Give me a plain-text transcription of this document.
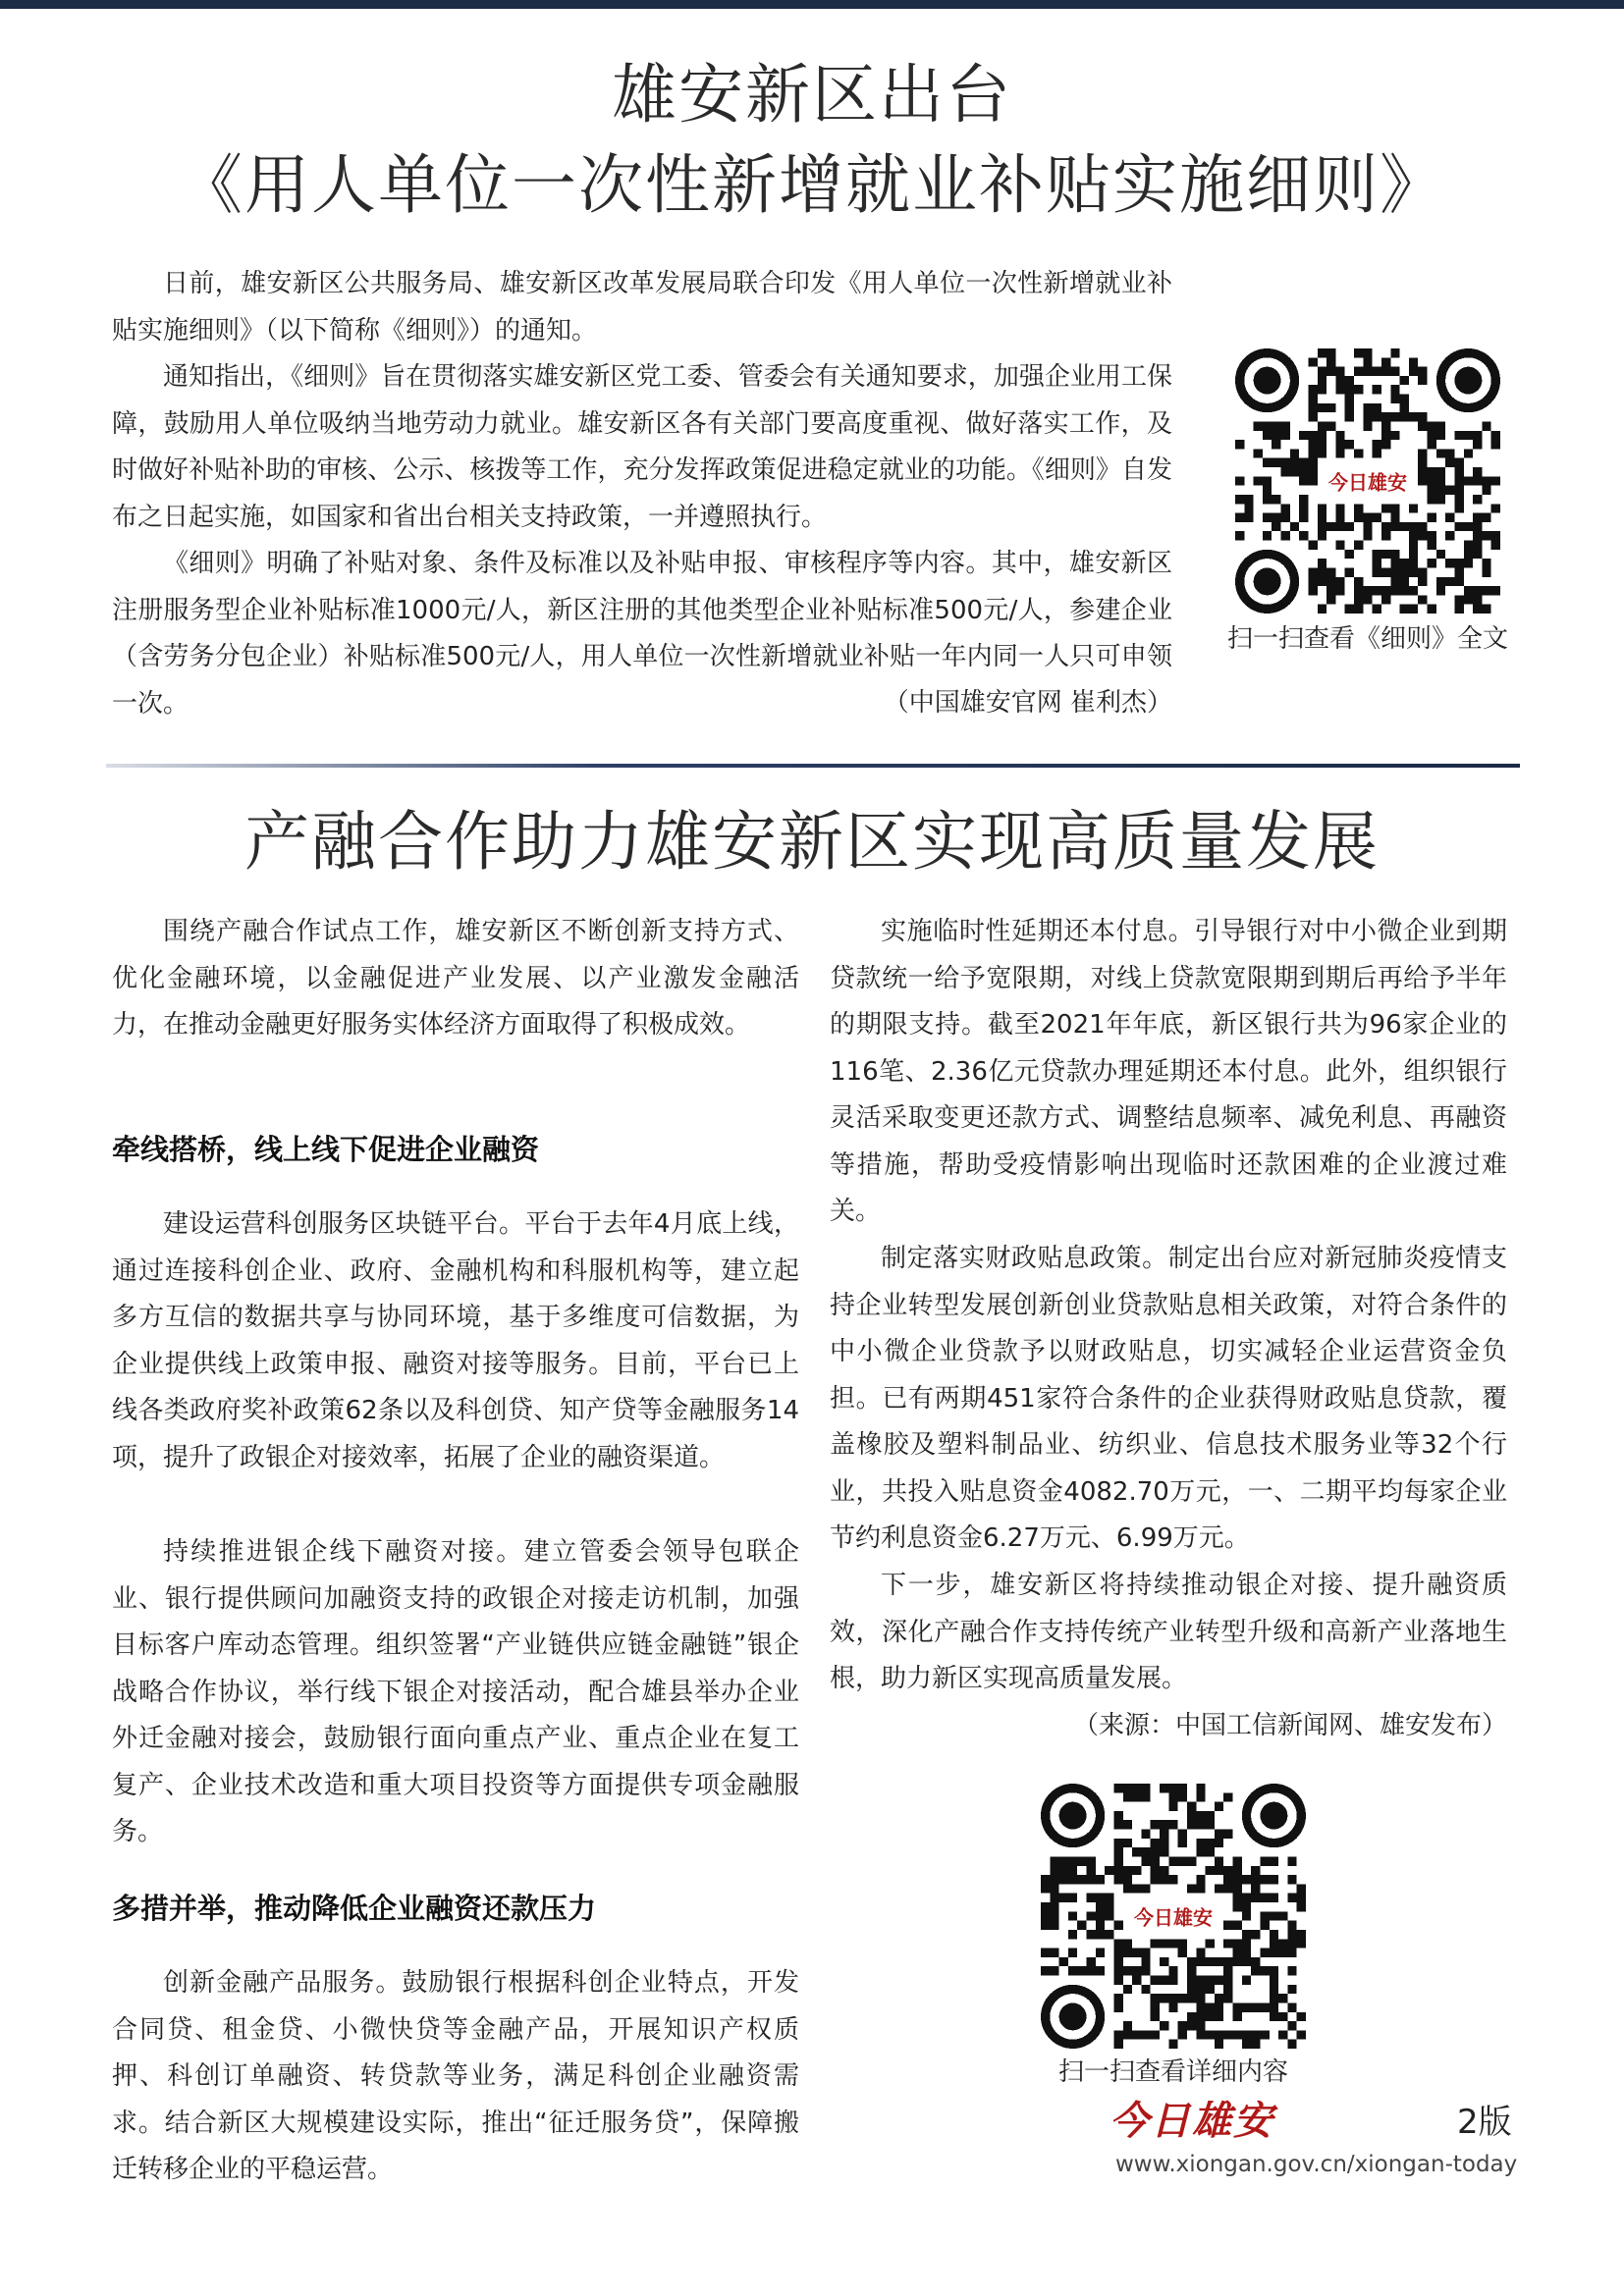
雄安新区出台
《用人单位一次性新增就业补贴实施细则》

日前，雄安新区公共服务局、雄安新区改革发展局联合印发《用人单位一次性新增就业补贴实施细则》（以下简称《细则》）的通知。

通知指出，《细则》旨在贯彻落实雄安新区党工委、管委会有关通知要求，加强企业用工保障，鼓励用人单位吸纳当地劳动力就业。雄安新区各有关部门要高度重视、做好落实工作，及时做好补贴补助的审核、公示、核拨等工作，充分发挥政策促进稳定就业的功能。《细则》自发布之日起实施，如国家和省出台相关支持政策，一并遵照执行。

《细则》明确了补贴对象、条件及标准以及补贴申报、审核程序等内容。其中，雄安新区注册服务型企业补贴标准1000元/人，新区注册的其他类型企业补贴标准500元/人，参建企业（含劳务分包企业）补贴标准500元/人，用人单位一次性新增就业补贴一年内同一人只可申领一次。	（中国雄安官网 崔利杰）
今日雄安
扫一扫查看《细则》全文
产融合作助力雄安新区实现高质量发展

围绕产融合作试点工作，雄安新区不断创新支持方式、优化金融环境，以金融促进产业发展、以产业激发金融活力，在推动金融更好服务实体经济方面取得了积极成效。

牵线搭桥，线上线下促进企业融资

建设运营科创服务区块链平台。平台于去年4月底上线，通过连接科创企业、政府、金融机构和科服机构等，建立起多方互信的数据共享与协同环境，基于多维度可信数据，为企业提供线上政策申报、融资对接等服务。目前，平台已上线各类政府奖补政策62条以及科创贷、知产贷等金融服务14项，提升了政银企对接效率，拓展了企业的融资渠道。

持续推进银企线下融资对接。建立管委会领导包联企业、银行提供顾问加融资支持的政银企对接走访机制，加强目标客户库动态管理。组织签署“产业链供应链金融链”银企战略合作协议，举行线下银企对接活动，配合雄县举办企业外迁金融对接会，鼓励银行面向重点产业、重点企业在复工复产、企业技术改造和重大项目投资等方面提供专项金融服务。

多措并举，推动降低企业融资还款压力

创新金融产品服务。鼓励银行根据科创企业特点，开发合同贷、租金贷、小微快贷等金融产品，开展知识产权质押、科创订单融资、转贷款等业务，满足科创企业融资需求。结合新区大规模建设实际，推出“征迁服务贷”，保障搬迁转移企业的平稳运营。

实施临时性延期还本付息。引导银行对中小微企业到期贷款统一给予宽限期，对线上贷款宽限期到期后再给予半年的期限支持。截至2021年年底，新区银行共为96家企业的116笔、2.36亿元贷款办理延期还本付息。此外，组织银行灵活采取变更还款方式、调整结息频率、减免利息、再融资等措施，帮助受疫情影响出现临时还款困难的企业渡过难关。

制定落实财政贴息政策。制定出台应对新冠肺炎疫情支持企业转型发展创新创业贷款贴息相关政策，对符合条件的中小微企业贷款予以财政贴息，切实减轻企业运营资金负担。已有两期451家符合条件的企业获得财政贴息贷款，覆盖橡胶及塑料制品业、纺织业、信息技术服务业等32个行业，共投入贴息资金4082.70万元，一、二期平均每家企业节约利息资金6.27万元、6.99万元。

下一步，雄安新区将持续推动银企对接、提升融资质效，深化产融合作支持传统产业转型升级和高新产业落地生根，助力新区实现高质量发展。

（来源：中国工信新闻网、雄安发布）
今日雄安
扫一扫查看详细内容
今日雄安	2版
www.xiongan.gov.cn/xiongan-today
